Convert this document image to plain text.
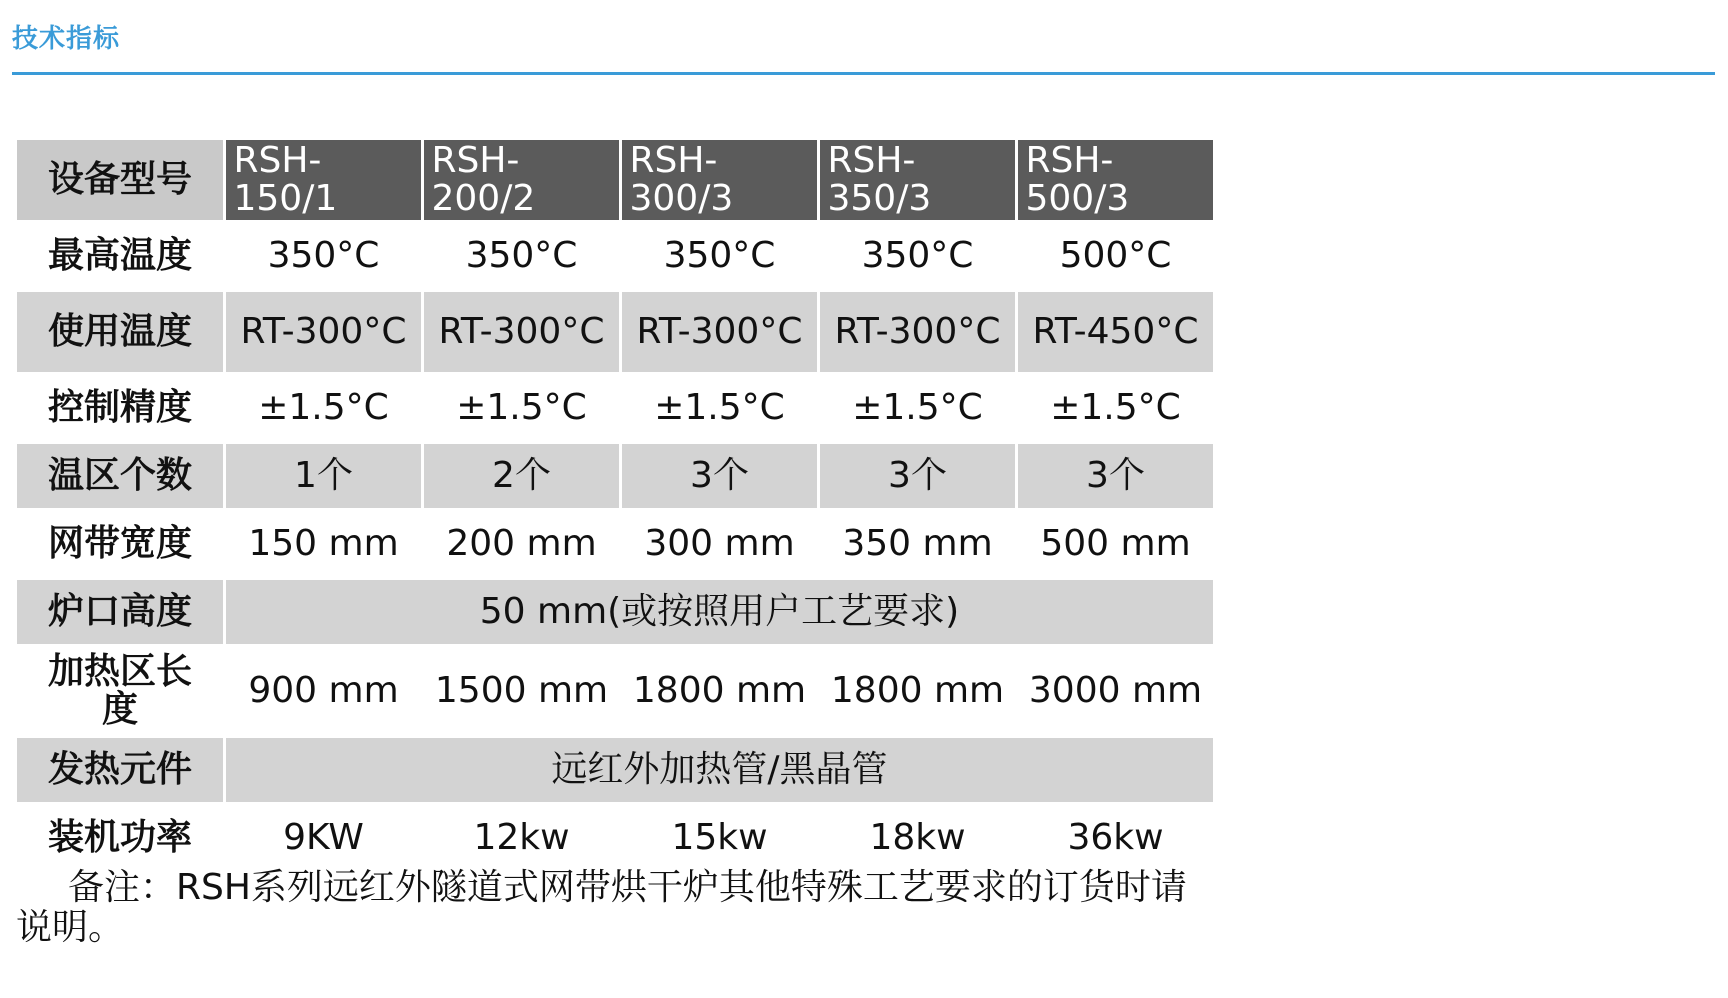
技术指标
设备型号	RSH-150/1	RSH-200/2	RSH-300/3	RSH-350/3	RSH-500/3
最高温度	350°C	350°C	350°C	350°C	500°C
使用温度	RT-300°C	RT-300°C	RT-300°C	RT-300°C	RT-450°C
控制精度	±1.5°C	±1.5°C	±1.5°C	±1.5°C	±1.5°C
温区个数	1个	2个	3个	3个	3个
网带宽度	150 mm	200 mm	300 mm	350 mm	500 mm
炉口高度	50 mm(或按照用户工艺要求)				
加热区长度	900 mm	1500 mm	1800 mm	1800 mm	3000 mm
发热元件	远红外加热管/黑晶管				
装机功率	9KW	12kw	15kw	18kw	36kw
备注：RSH系列远红外隧道式网带烘干炉其他特殊工艺要求的订货时请说明。
